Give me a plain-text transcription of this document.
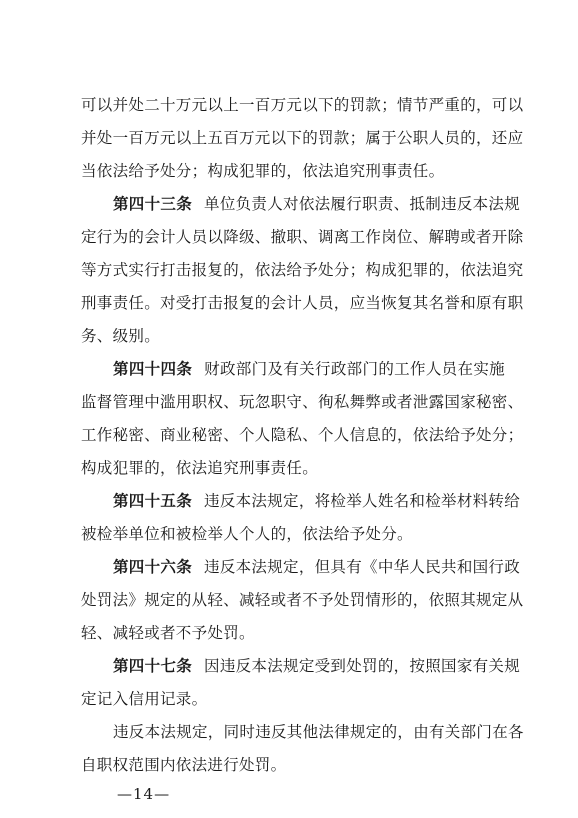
可以并处二十万元以上一百万元以下的罚款；情节严重的，可以
并处一百万元以上五百万元以下的罚款；属于公职人员的，还应
当依法给予处分；构成犯罪的，依法追究刑事责任。
第四十三条 单位负责人对依法履行职责、抵制违反本法规
定行为的会计人员以降级、撤职、调离工作岗位、解聘或者开除
等方式实行打击报复的，依法给予处分；构成犯罪的，依法追究
刑事责任。对受打击报复的会计人员，应当恢复其名誉和原有职
务、级别。
第四十四条 财政部门及有关行政部门的工作人员在实施
监督管理中滥用职权、玩忽职守、徇私舞弊或者泄露国家秘密、
工作秘密、商业秘密、个人隐私、个人信息的，依法给予处分；
构成犯罪的，依法追究刑事责任。
第四十五条 违反本法规定，将检举人姓名和检举材料转给
被检举单位和被检举人个人的，依法给予处分。
第四十六条 违反本法规定，但具有《中华人民共和国行政
处罚法》规定的从轻、减轻或者不予处罚情形的，依照其规定从
轻、减轻或者不予处罚。
第四十七条 因违反本法规定受到处罚的，按照国家有关规
定记入信用记录。
违反本法规定，同时违反其他法律规定的，由有关部门在各
自职权范围内依法进行处罚。
—14—
